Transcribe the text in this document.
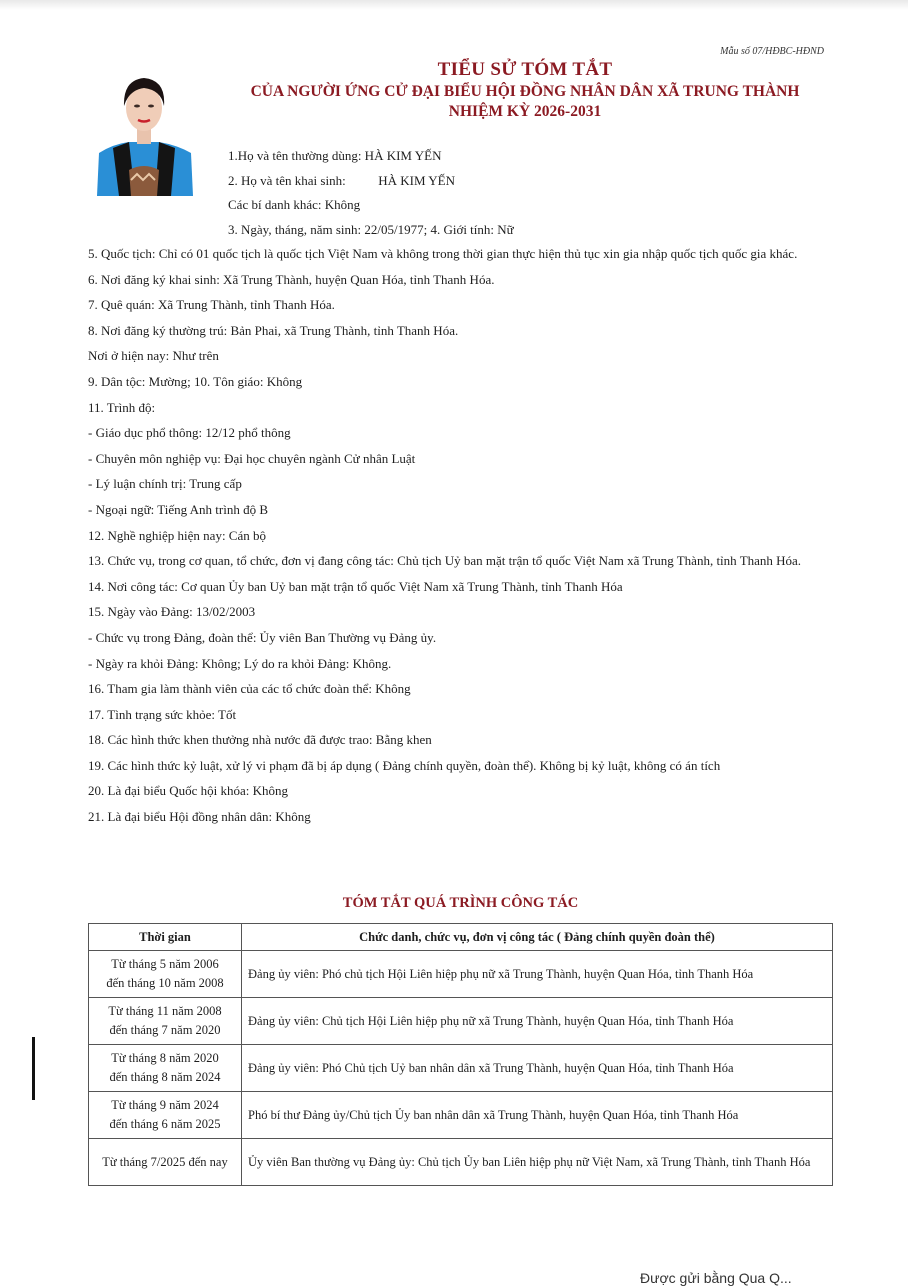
Mẫu số 07/HĐBC-HĐND
TIỂU SỬ TÓM TẮT
CỦA NGƯỜI ỨNG CỬ ĐẠI BIỂU HỘI ĐỒNG NHÂN DÂN XÃ TRUNG THÀNH
NHIỆM KỲ 2026-2031
1.Họ và tên thường dùng: HÀ KIM YẾN
2. Họ và tên khai sinh:	HÀ KIM YẾN
Các bí danh khác: Không
3. Ngày, tháng, năm sinh: 22/05/1977; 4. Giới tính: Nữ
5. Quốc tịch: Chỉ có 01 quốc tịch là quốc tịch Việt Nam và không trong thời gian thực hiện thủ tục xin gia nhập quốc tịch quốc gia khác.
6. Nơi đăng ký khai sinh: Xã Trung Thành, huyện Quan Hóa, tỉnh Thanh Hóa.
7. Quê quán: Xã Trung Thành, tỉnh Thanh Hóa.
8. Nơi đăng ký thường trú: Bản Phai, xã Trung Thành, tỉnh Thanh Hóa.
Nơi ở hiện nay: Như trên
9. Dân tộc: Mường; 10. Tôn giáo: Không
11. Trình độ:
- Giáo dục phổ thông: 12/12 phổ thông
- Chuyên môn nghiệp vụ: Đại học chuyên ngành Cử nhân Luật
- Lý luận chính trị: Trung cấp
- Ngoại ngữ: Tiếng Anh trình độ B
12. Nghề nghiệp hiện nay: Cán bộ
13. Chức vụ, trong cơ quan, tổ chức, đơn vị đang công tác: Chủ tịch Uỷ ban mặt trận tổ quốc Việt Nam xã Trung Thành, tỉnh Thanh Hóa.
14. Nơi công tác: Cơ quan Ủy ban Uỷ ban mặt trận tổ quốc Việt Nam xã Trung Thành, tỉnh Thanh Hóa
15. Ngày vào Đảng: 13/02/2003
- Chức vụ trong Đảng, đoàn thể: Ủy viên Ban Thường vụ Đảng ủy.
- Ngày ra khỏi Đảng: Không; Lý do ra khỏi Đảng: Không.
16. Tham gia làm thành viên của các tổ chức đoàn thể: Không
17. Tình trạng sức khỏe: Tốt
18. Các hình thức khen thưởng nhà nước đã được trao: Bằng khen
19. Các hình thức kỷ luật, xử lý vi phạm đã bị áp dụng ( Đảng chính quyền, đoàn thể). Không bị kỷ luật, không có án tích
20. Là đại biểu Quốc hội khóa: Không
21. Là đại biểu Hội đồng nhân dân: Không
TÓM TẮT QUÁ TRÌNH CÔNG TÁC
Thời gian	Chức danh, chức vụ, đơn vị công tác ( Đảng chính quyền đoàn thể)

Từ tháng 5 năm 2006
đến tháng 10 năm 2008	Đảng ủy viên: Phó chủ tịch Hội Liên hiệp phụ nữ xã Trung Thành, huyện Quan Hóa, tỉnh Thanh Hóa

Từ tháng 11 năm 2008
đến tháng 7 năm 2020	Đảng ủy viên: Chủ tịch Hội Liên hiệp phụ nữ xã Trung Thành, huyện Quan Hóa, tỉnh Thanh Hóa

Từ tháng 8 năm 2020
đến tháng 8 năm 2024	Đảng ủy viên: Phó Chủ tịch Uỷ ban nhân dân xã Trung Thành, huyện Quan Hóa, tỉnh Thanh Hóa

Từ tháng 9 năm 2024
đến tháng 6 năm 2025	Phó bí thư Đảng ủy/Chủ tịch Ủy ban nhân dân xã Trung Thành, huyện Quan Hóa, tỉnh Thanh Hóa

Từ tháng 7/2025 đến nay	Ủy viên Ban thường vụ Đảng ủy: Chủ tịch Ủy ban Liên hiệp phụ nữ Việt Nam, xã Trung Thành, tỉnh Thanh Hóa
Được gửi bằng Qua Q...
